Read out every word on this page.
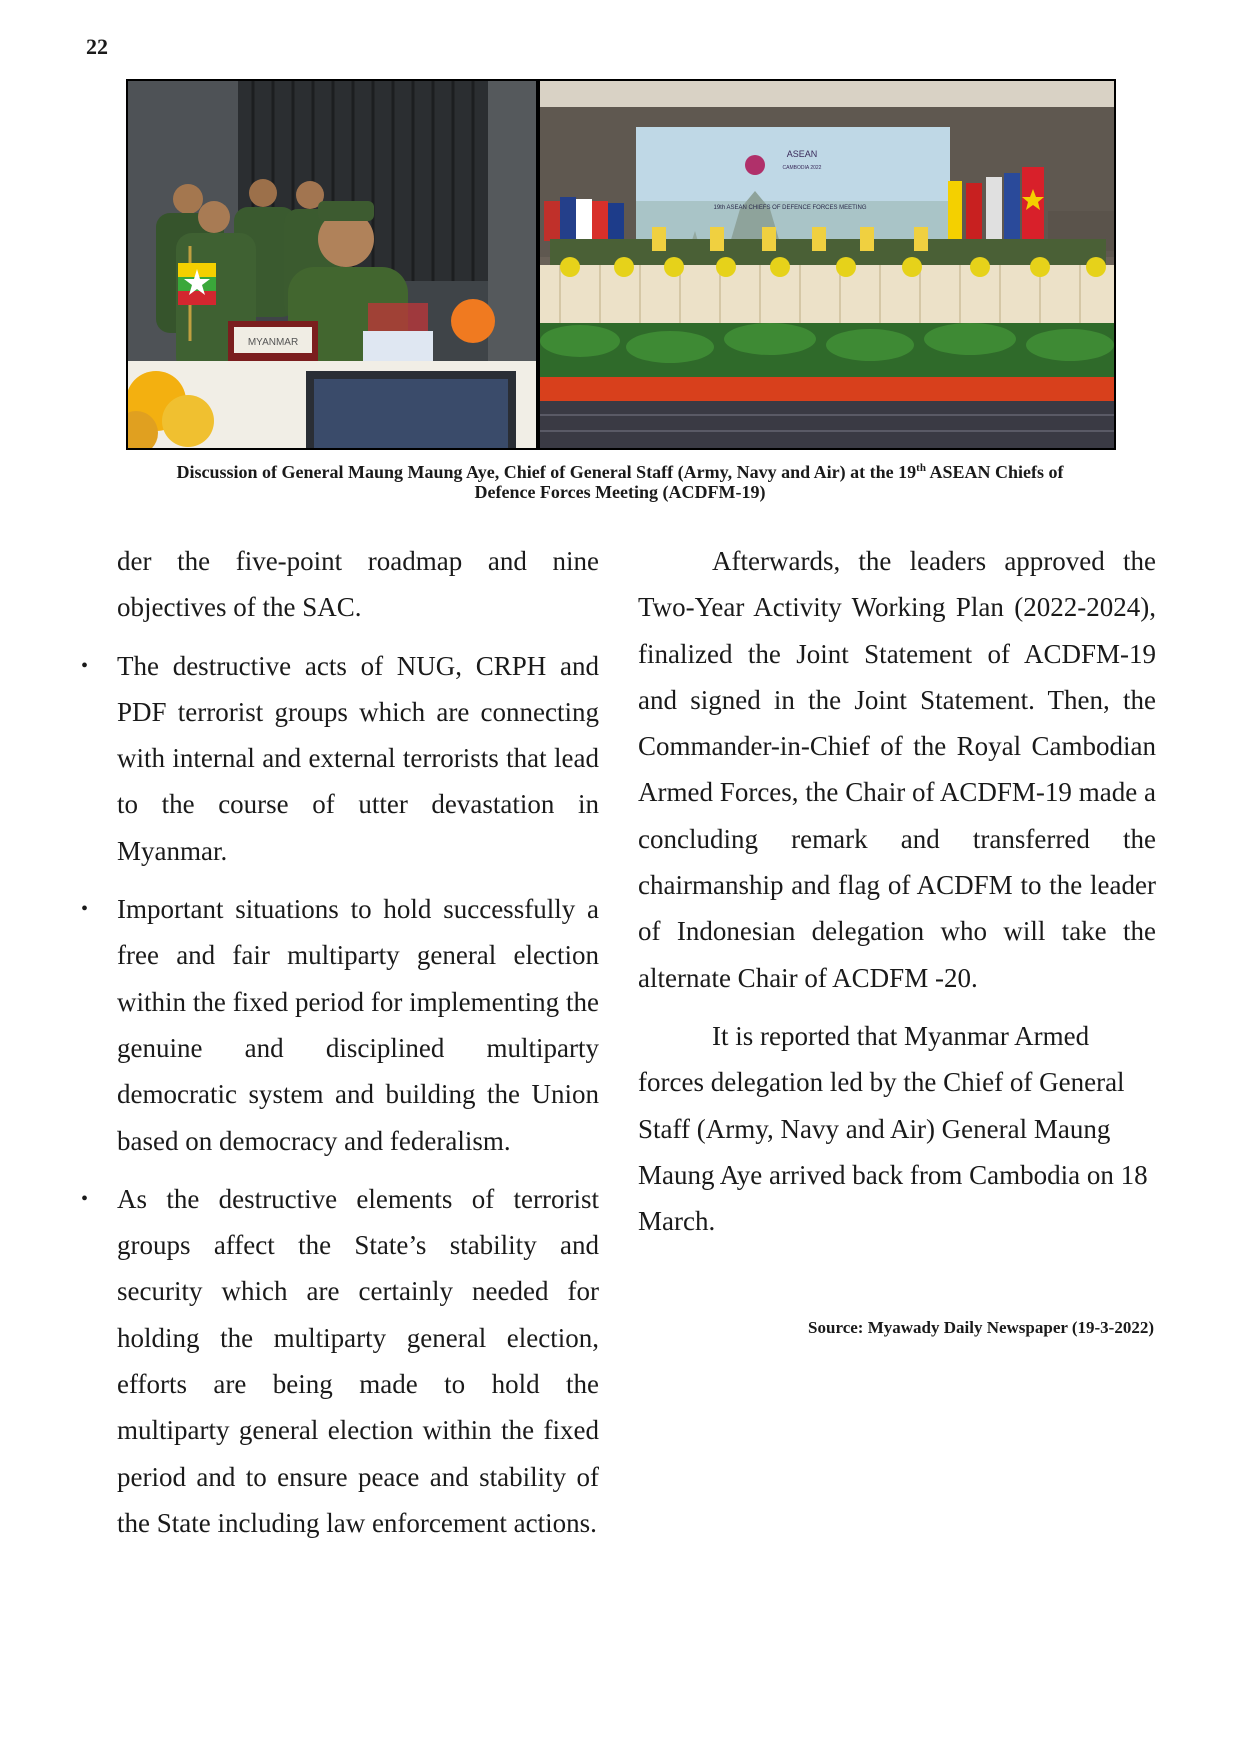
22
MYANMAR
ASEAN
CAMBODIA 2022
19th ASEAN CHIEFS OF DEFENCE FORCES MEETING
Discussion of General Maung Maung Aye, Chief of General Staff (Army, Navy and Air) at the 19th ASEAN Chiefs of
Defence Forces Meeting (ACDFM-19)

der the five-point roadmap and nine objectives of the SAC.

• The destructive acts of NUG, CRPH and PDF terrorist groups which are connecting with internal and external terrorists that lead to the course of utter devastation in Myanmar.
• Important situations to hold successfully a free and fair multiparty general election within the fixed period for implementing the genuine and disciplined multiparty democratic system and building the Union based on democracy and federalism.
• As the destructive elements of terrorist groups affect the State’s stability and security which are certainly needed for holding the multiparty general election, efforts are being made to hold the multiparty general election within the fixed period and to ensure peace and stability of the State including law enforcement actions.

Afterwards, the leaders approved the Two-Year Activity Working Plan (2022-2024), finalized the Joint Statement of ACDFM-19 and signed in the Joint Statement. Then, the Commander-in-Chief of the Royal Cambodian Armed Forces, the Chair of ACDFM-19 made a concluding remark and transferred the chairmanship and flag of ACDFM to the leader of Indonesian delegation who will take the alternate Chair of ACDFM -20.

It is reported that Myanmar Armed forces delegation led by the Chief of General Staff (Army, Navy and Air) General Maung Maung Aye arrived back from Cambodia on 18 March.

Source: Myawady Daily Newspaper (19-3-2022)
